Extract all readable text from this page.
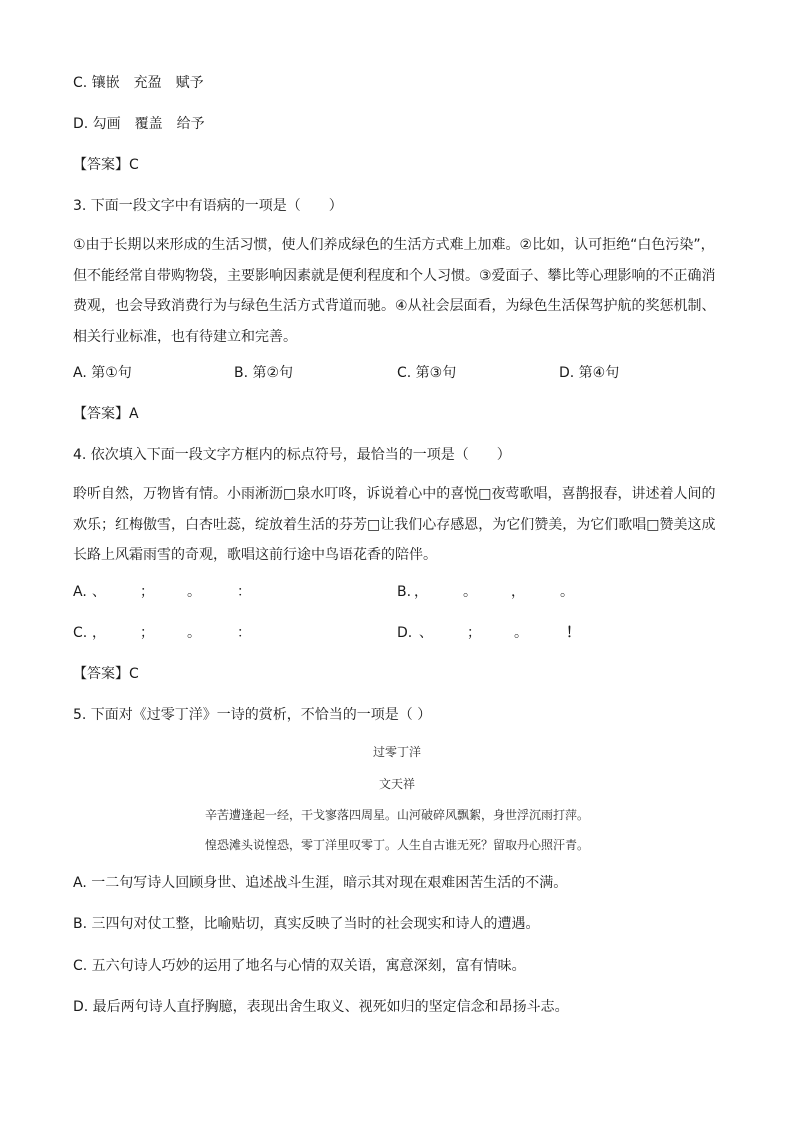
C. 镶嵌　充盈　赋予
D. 勾画　覆盖　给予
【答案】C
3. 下面一段文字中有语病的一项是（　　）
①由于长期以来形成的生活习惯，使人们养成绿色的生活方式难上加难。②比如，认可拒绝“白色污染”，
但不能经常自带购物袋，主要影响因素就是便利程度和个人习惯。③爱面子、攀比等心理影响的不正确消
费观，也会导致消费行为与绿色生活方式背道而驰。④从社会层面看，为绿色生活保驾护航的奖惩机制、
相关行业标准，也有待建立和完善。
A. 第①句	B. 第②句	C. 第③句	D. 第④句
【答案】A
4. 依次填入下面一段文字方框内的标点符号，最恰当的一项是（　　）
聆听自然，万物皆有情。小雨淅沥□泉水叮咚，诉说着心中的喜悦□夜莺歌唱，喜鹊报春，讲述着人间的
欢乐；红梅傲雪，白杏吐蕊，绽放着生活的芬芳□让我们心存感恩，为它们赞美，为它们歌唱□赞美这成
长路上风霜雨雪的奇观，歌唱这前行途中鸟语花香的陪伴。
A. 、 ； 。	：	B. ，	。 ，	。
C. ， ； 。	：	D. 、 ； 。	！
【答案】C
5. 下面对《过零丁洋》一诗的赏析，不恰当的一项是（ ）
过零丁洋
文天祥
辛苦遭逢起一经，干戈寥落四周星。山河破碎风飘絮，身世浮沉雨打萍。
惶恐滩头说惶恐，零丁洋里叹零丁。人生自古谁无死？留取丹心照汗青。
A. 一二句写诗人回顾身世、追述战斗生涯，暗示其对现在艰难困苦生活的不满。
B. 三四句对仗工整，比喻贴切，真实反映了当时的社会现实和诗人的遭遇。
C. 五六句诗人巧妙的运用了地名与心情的双关语，寓意深刻，富有情味。
D. 最后两句诗人直抒胸臆，表现出舍生取义、视死如归的坚定信念和昂扬斗志。
